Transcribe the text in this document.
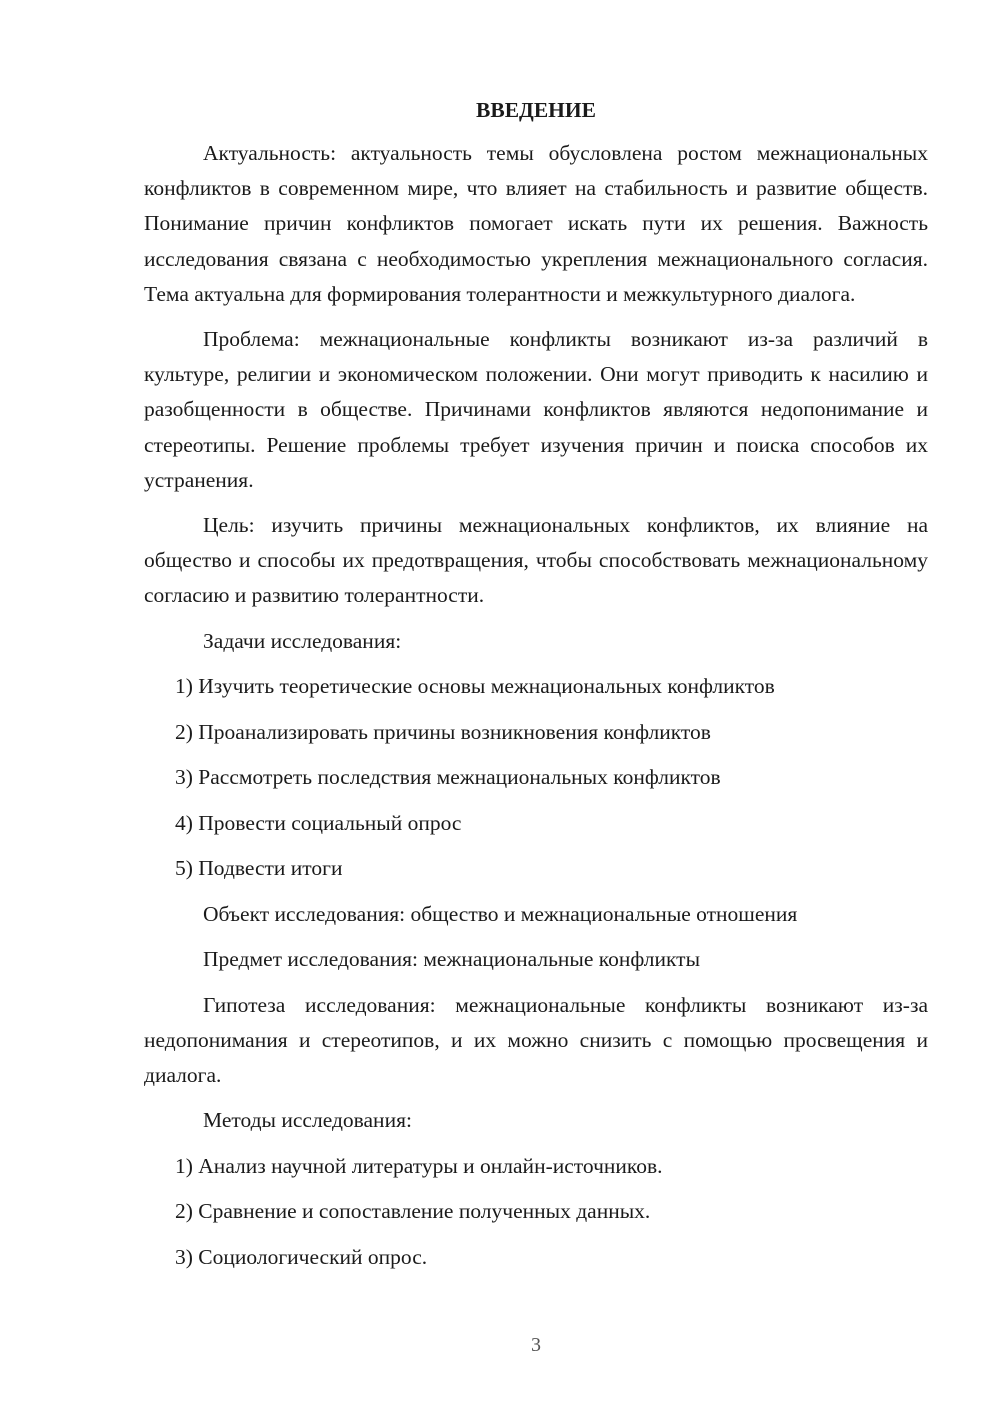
ВВЕДЕНИЕ

Актуальность: актуальность темы обусловлена ростом межнациональных конфликтов в современном мире, что влияет на стабильность и развитие обществ. Понимание причин конфликтов помогает искать пути их решения. Важность исследования связана с необходимостью укрепления межнационального согласия. Тема актуальна для формирования толерантности и межкультурного диалога.

Проблема: межнациональные конфликты возникают из-за различий в культуре, религии и экономическом положении. Они могут приводить к насилию и разобщенности в обществе. Причинами конфликтов являются недопонимание и стереотипы. Решение проблемы требует изучения причин и поиска способов их устранения.

Цель: изучить причины межнациональных конфликтов, их влияние на общество и способы их предотвращения, чтобы способствовать межнациональному согласию и развитию толерантности.

Задачи исследования:
1) Изучить теоретические основы межнациональных конфликтов
2) Проанализировать причины возникновения конфликтов
3) Рассмотреть последствия межнациональных конфликтов
4) Провести социальный опрос
5) Подвести итоги
Объект исследования: общество и межнациональные отношения
Предмет исследования: межнациональные конфликты

Гипотеза исследования: межнациональные конфликты возникают из-за недопонимания и стереотипов, и их можно снизить с помощью просвещения и диалога.

Методы исследования:
1) Анализ научной литературы и онлайн-источников.
2) Сравнение и сопоставление полученных данных.
3) Социологический опрос.
3
